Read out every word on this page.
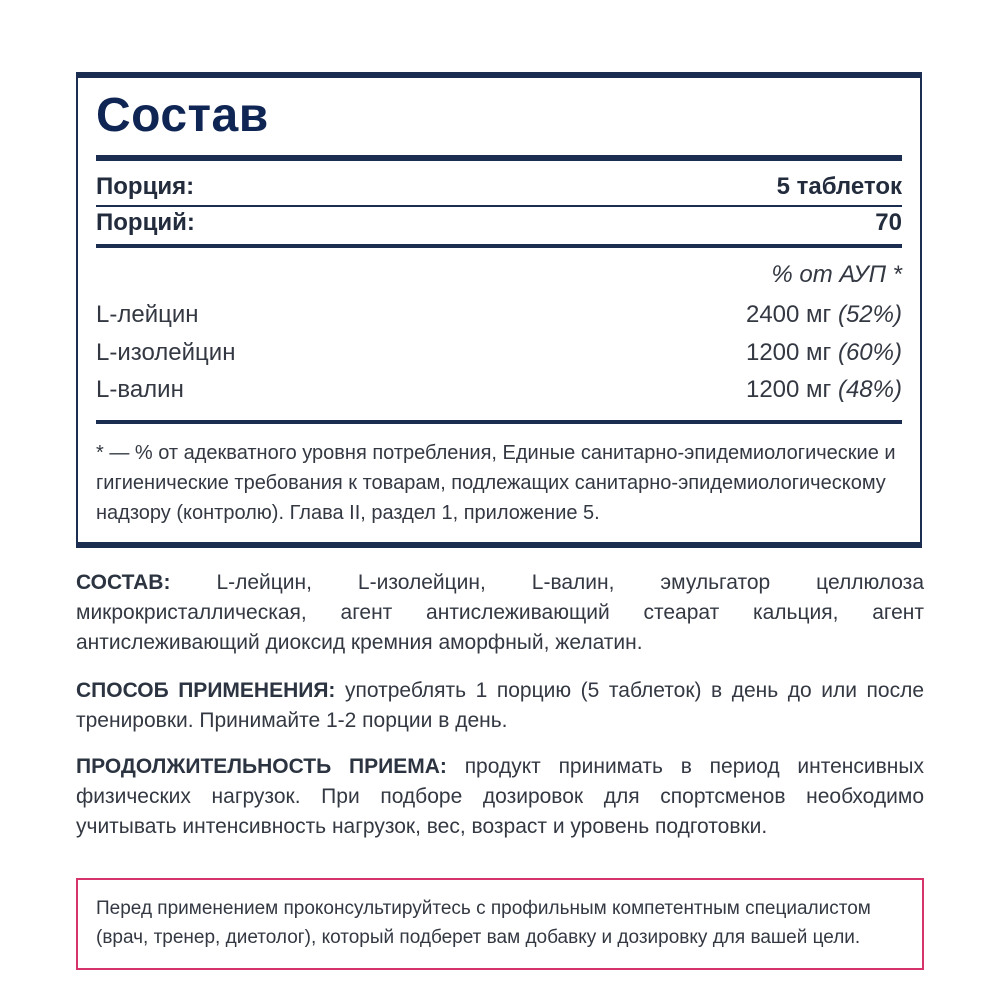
Состав
Порция:	5 таблеток
Порций:	70
% от АУП *
L-лейцин	2400 мг (52%)
L-изолейцин	1200 мг (60%)
L-валин	1200 мг (48%)

* — % от адекватного уровня потребления, Единые санитарно-эпидемиологические и гигиенические требования к товарам, подлежащих санитарно-эпидемиологическому надзору (контролю). Глава II, раздел 1, приложение 5.

СОСТАВ: L-лейцин, L-изолейцин, L-валин, эмульгатор целлюлоза микрокристаллическая, агент антислеживающий стеарат кальция, агент антислеживающий диоксид кремния аморфный, желатин.

СПОСОБ ПРИМЕНЕНИЯ: употреблять 1 порцию (5 таблеток) в день до или после тренировки. Принимайте 1-2 порции в день.

ПРОДОЛЖИТЕЛЬНОСТЬ ПРИЕМА: продукт принимать в период интенсивных физических нагрузок. При подборе дозировок для спортсменов необходимо учитывать интенсивность нагрузок, вес, возраст и уровень подготовки.

Перед применением проконсультируйтесь с профильным компетентным специалистом (врач, тренер, диетолог), который подберет вам добавку и дозировку для вашей цели.
